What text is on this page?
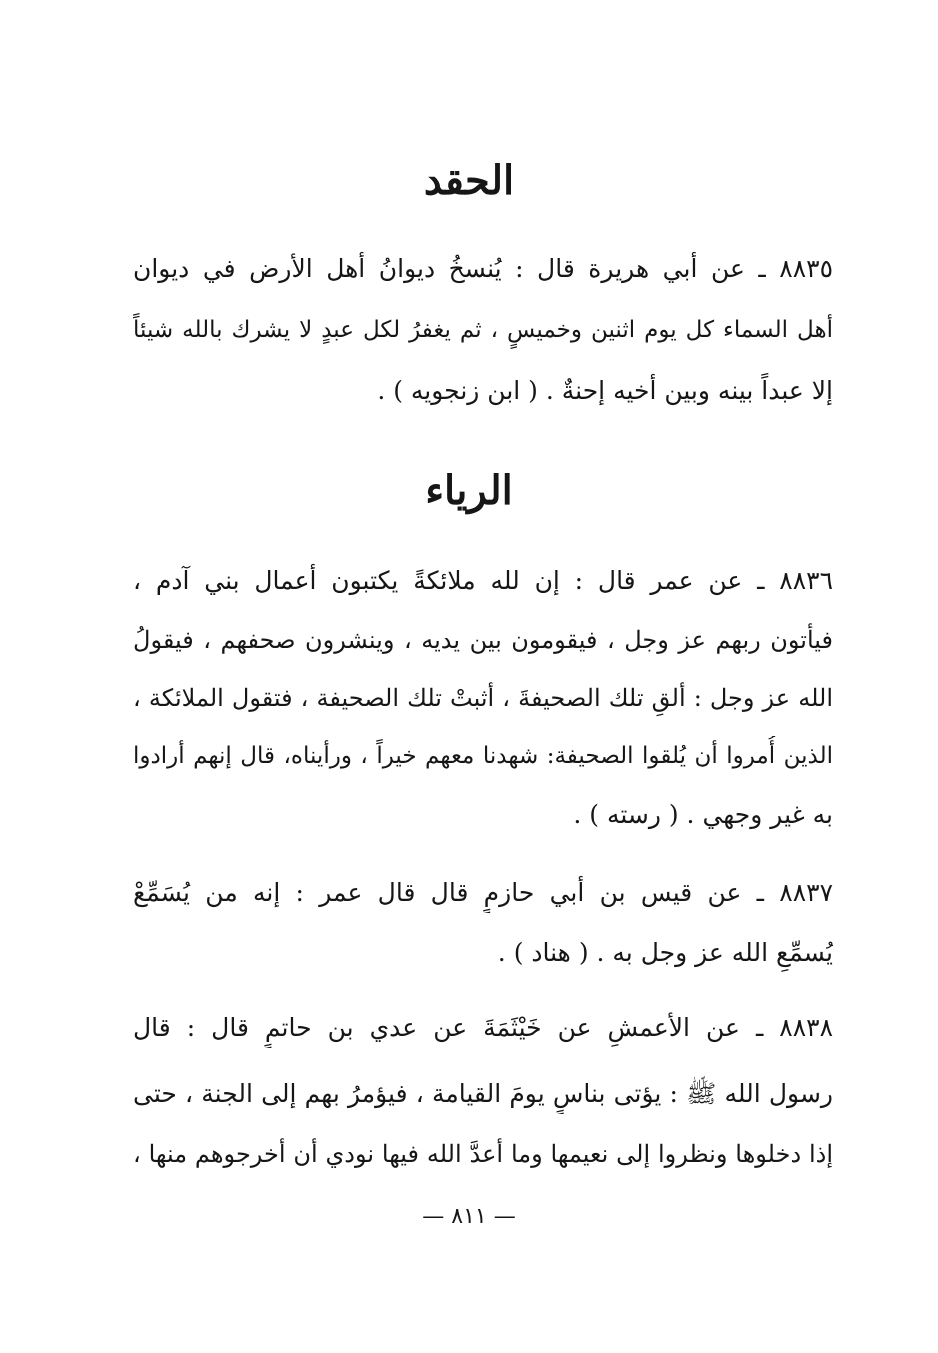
الحقد
٨٨٣٥ ـ عن أبي هريرة قال : يُنسخُ ديوانُ أهل الأرض في ديوان
أهل السماء كل يوم اثنين وخميسٍ ، ثم يغفرُ لكل عبدٍ لا يشرك بالله شيئاً
إلا عبداً بينه وبين أخيه إحنةٌ . ( ابن زنجويه ) .
الرياء
٨٨٣٦ ـ عن عمر قال : إن لله ملائكةً يكتبون أعمال بني آدم ،
فيأتون ربهم عز وجل ، فيقومون بين يديه ، وينشرون صحفهم ، فيقولُ
الله عز وجل : ألقِ تلك الصحيفةَ ، أثبتْ تلك الصحيفة ، فتقول الملائكة ،
الذين أُمروا أن يُلقوا الصحيفة: شهدنا معهم خيراً ، ورأيناه، قال إنهم أرادوا
به غير وجهي . ( رسته ) .
٨٨٣٧ ـ عن قيس بن أبي حازمٍ قال قال عمر : إنه من يُسَمِّعْ
يُسمِّعِ الله عز وجل به . ( هناد ) .
٨٨٣٨ ـ عن الأعمشِ عن خَيْثَمَةَ عن عدي بن حاتمٍ قال : قال
رسول الله ﷺ : يؤتى بناسٍ يومَ القيامة ، فيؤمرُ بهم إلى الجنة ، حتى
إذا دخلوها ونظروا إلى نعيمها وما أعدَّ الله فيها نودي أن أخرجوهم منها ،
— ٨١١ —
